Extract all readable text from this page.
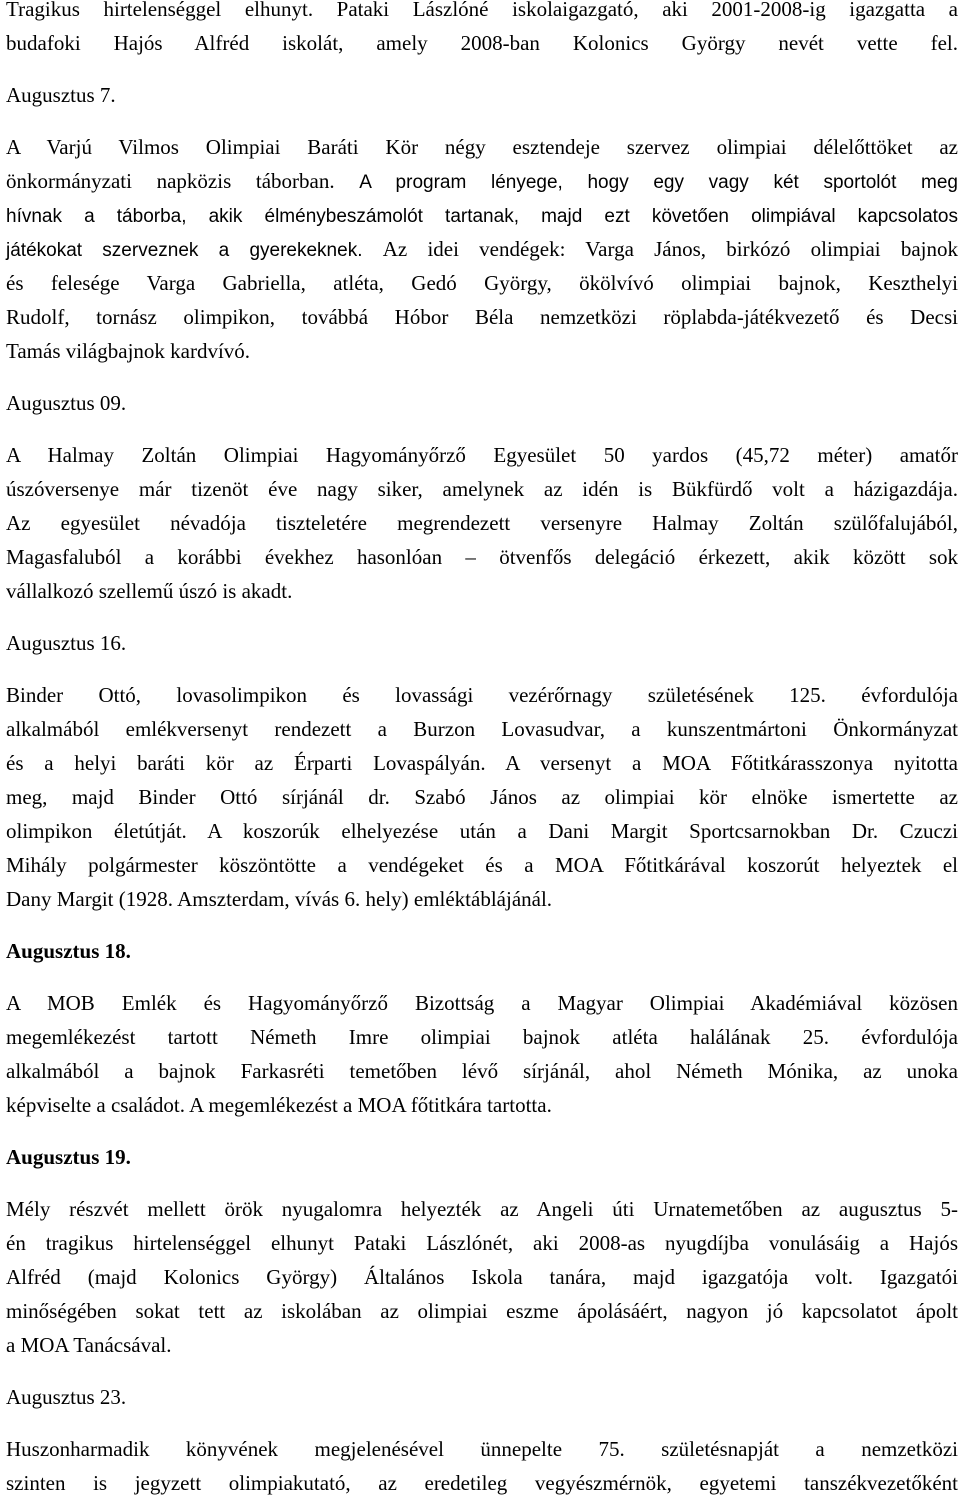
Tragikus hirtelenséggel elhunyt. Pataki Lászlóné iskolaigazgató, aki 2001-2008-ig igazgatta a
budafoki Hajós Alfréd iskolát, amely 2008-ban Kolonics György nevét vette fel.
Augusztus 7.
A Varjú Vilmos Olimpiai Baráti Kör négy esztendeje szervez olimpiai délelőttöket az
önkormányzati napközis táborban. A program lényege, hogy egy vagy két sportolót meg
hívnak a táborba, akik élménybeszámolót tartanak, majd ezt követően olimpiával kapcsolatos
játékokat szerveznek a gyerekeknek. Az idei vendégek: Varga János, birkózó olimpiai bajnok
és felesége Varga Gabriella, atléta, Gedó György, ökölvívó olimpiai bajnok, Keszthelyi
Rudolf, tornász olimpikon, továbbá Hóbor Béla nemzetközi röplabda-játékvezető és Decsi
Tamás világbajnok kardvívó.
Augusztus 09.
A Halmay Zoltán Olimpiai Hagyományőrző Egyesület 50 yardos (45,72 méter) amatőr
úszóversenye már tizenöt éve nagy siker, amelynek az idén is Bükfürdő volt a házigazdája.
Az egyesület névadója tiszteletére megrendezett versenyre Halmay Zoltán szülőfalujából,
Magasfaluból a korábbi évekhez hasonlóan – ötvenfős delegáció érkezett, akik között sok
vállalkozó szellemű úszó is akadt.
Augusztus 16.
Binder Ottó, lovasolimpikon és lovassági vezérőrnagy születésének 125. évfordulója
alkalmából emlékversenyt rendezett a Burzon Lovasudvar, a kunszentmártoni Önkormányzat
és a helyi baráti kör az Érparti Lovaspályán. A versenyt a MOA Főtitkárasszonya nyitotta
meg, majd Binder Ottó sírjánál dr. Szabó János az olimpiai kör elnöke ismertette az
olimpikon életútját. A koszorúk elhelyezése után a Dani Margit Sportcsarnokban Dr. Czuczi
Mihály polgármester köszöntötte a vendégeket és a MOA Főtitkárával koszorút helyeztek el
Dany Margit (1928. Amszterdam, vívás 6. hely) emléktáblájánál.
Augusztus 18.
A MOB Emlék és Hagyományőrző Bizottság a Magyar Olimpiai Akadémiával közösen
megemlékezést tartott Németh Imre olimpiai bajnok atléta halálának 25. évfordulója
alkalmából a bajnok Farkasréti temetőben lévő sírjánál, ahol Németh Mónika, az unoka
képviselte a családot. A megemlékezést a MOA főtitkára tartotta.
Augusztus 19.
Mély részvét mellett örök nyugalomra helyezték az Angeli úti Urnatemetőben az augusztus 5-
én tragikus hirtelenséggel elhunyt Pataki Lászlónét, aki 2008-as nyugdíjba vonulásáig a Hajós
Alfréd (majd Kolonics György) Általános Iskola tanára, majd igazgatója volt. Igazgatói
minőségében sokat tett az iskolában az olimpiai eszme ápolásáért, nagyon jó kapcsolatot ápolt
a MOA Tanácsával.
Augusztus 23.
Huszonharmadik könyvének megjelenésével ünnepelte 75. születésnapját a nemzetközi
szinten is jegyzett olimpiakutató, az eredetileg vegyészmérnök, egyetemi tanszékvezetőként
